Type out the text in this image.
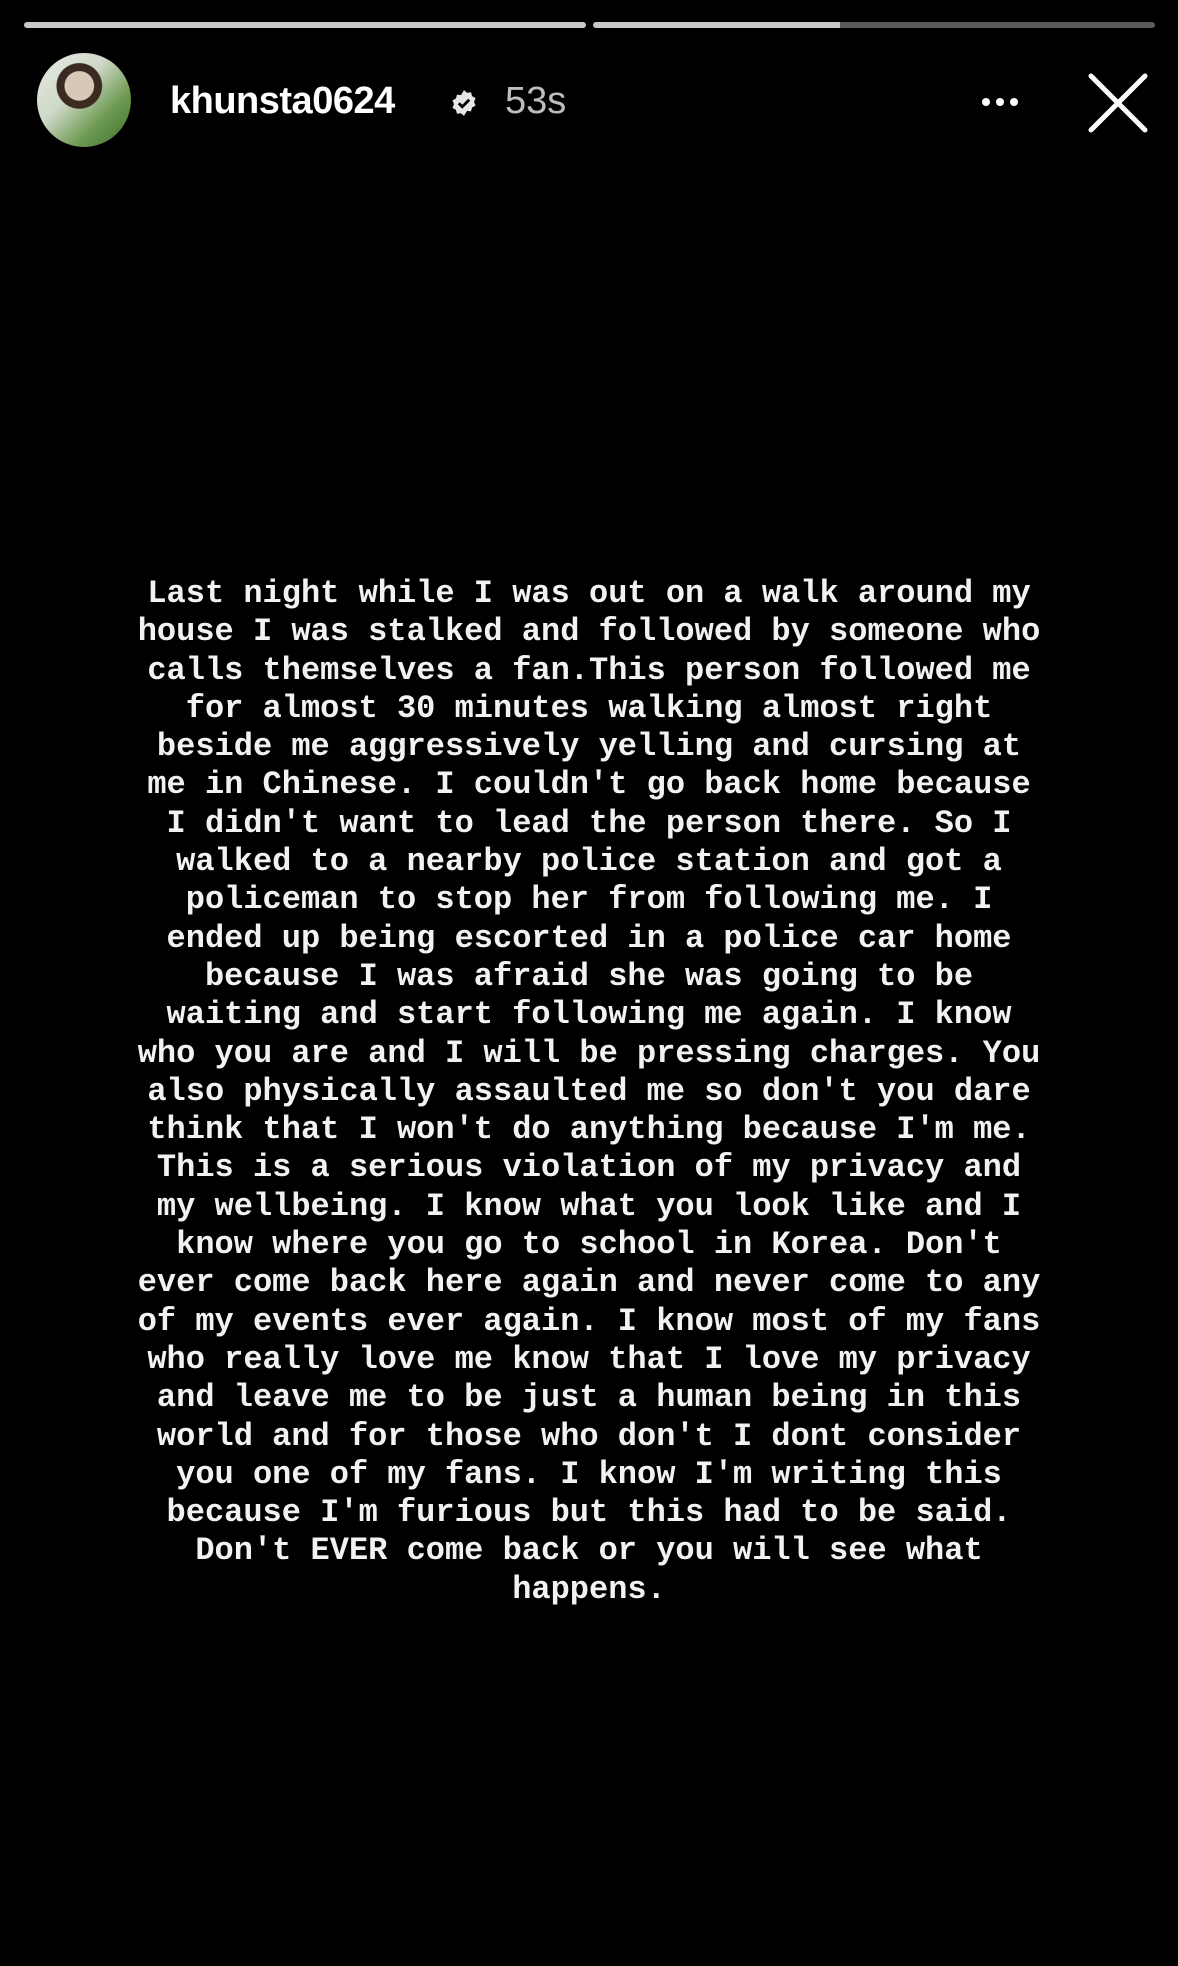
khunsta0624	53s
Last night while I was out on a walk around my
house I was stalked and followed by someone who
calls themselves a fan.This person followed me
for almost 30 minutes walking almost right
beside me aggressively yelling and cursing at
me in Chinese. I couldn't go back home because
I didn't want to lead the person there. So I
walked to a nearby police station and got a
policeman to stop her from following me. I
ended up being escorted in a police car home
because I was afraid she was going to be
waiting and start following me again. I know
who you are and I will be pressing charges. You
also physically assaulted me so don't you dare
think that I won't do anything because I'm me.
This is a serious violation of my privacy and
my wellbeing. I know what you look like and I
know where you go to school in Korea. Don't
ever come back here again and never come to any
of my events ever again. I know most of my fans
who really love me know that I love my privacy
and leave me to be just a human being in this
world and for those who don't I dont consider
you one of my fans. I know I'm writing this
because I'm furious but this had to be said.
Don't EVER come back or you will see what
happens.
